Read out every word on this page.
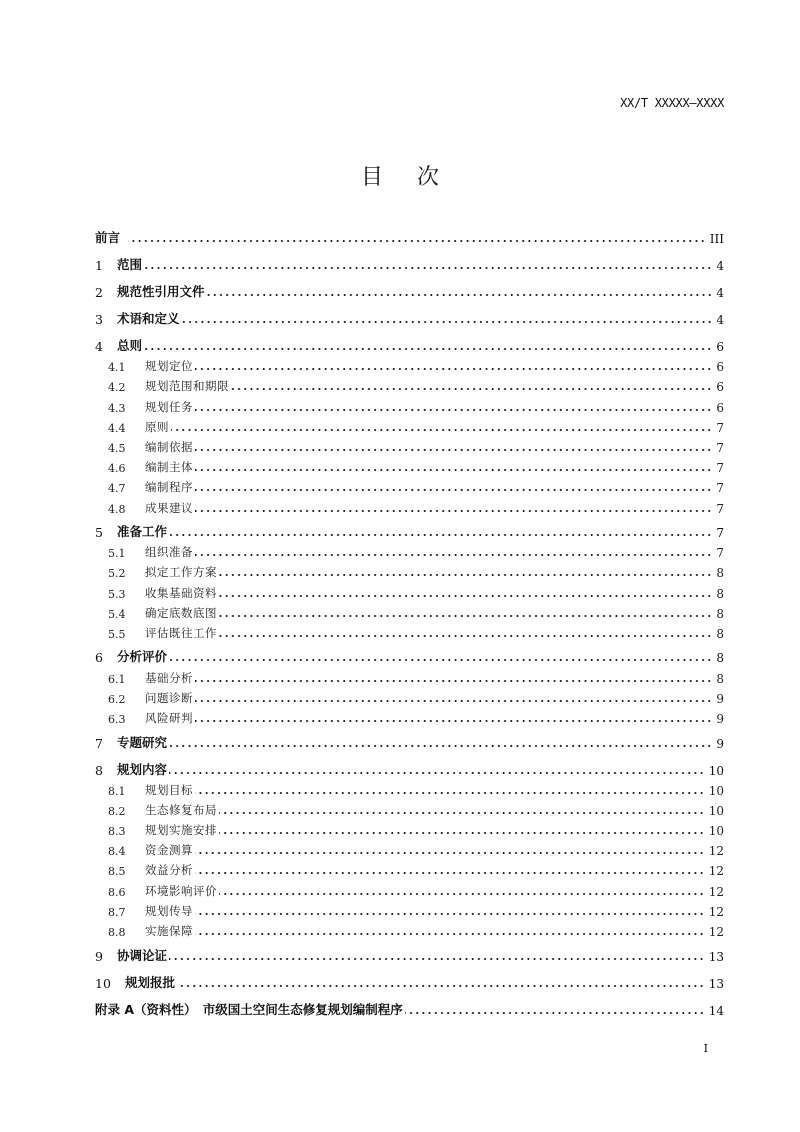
XX/T XXXXX—XXXX
目 次
前言	III
1	范围	4
2	规范性引用文件	4
3	术语和定义	4
4	总则	6
4.1	规划定位	6
4.2	规划范围和期限	6
4.3	规划任务	6
4.4	原则	7
4.5	编制依据	7
4.6	编制主体	7
4.7	编制程序	7
4.8	成果建议	7
5	准备工作	7
5.1	组织准备	7
5.2	拟定工作方案	8
5.3	收集基础资料	8
5.4	确定底数底图	8
5.5	评估既往工作	8
6	分析评价	8
6.1	基础分析	8
6.2	问题诊断	9
6.3	风险研判	9
7	专题研究	9
8	规划内容	10
8.1	规划目标	10
8.2	生态修复布局	10
8.3	规划实施安排	10
8.4	资金测算	12
8.5	效益分析	12
8.6	环境影响评价	12
8.7	规划传导	12
8.8	实施保障	12
9	协调论证	13
10	规划报批	13
附录 A（资料性）　市级国土空间生态修复规划编制程序	14
I
